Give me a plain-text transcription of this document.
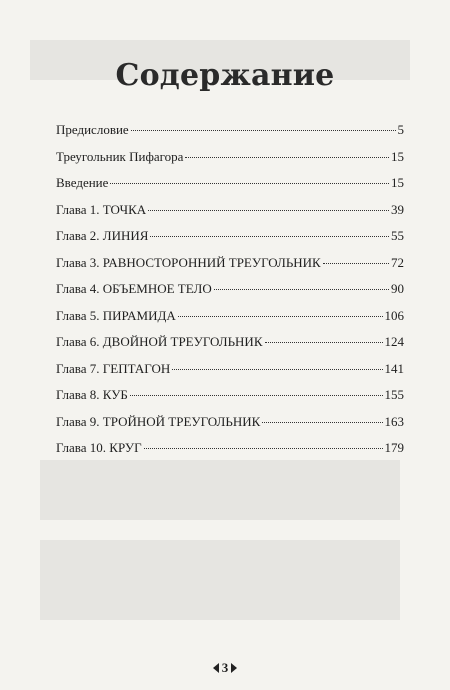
Содержание
Предисловие	5
Треугольник Пифагора	15
Введение	15
Глава 1. ТОЧКА	39
Глава 2. ЛИНИЯ	55
Глава 3. РАВНОСТОРОННИЙ ТРЕУГОЛЬНИК	72
Глава 4. ОБЪЕМНОЕ ТЕЛО	90
Глава 5. ПИРАМИДА	106
Глава 6. ДВОЙНОЙ ТРЕУГОЛЬНИК	124
Глава 7. ГЕПТАГОН	141
Глава 8. КУБ	155
Глава 9. ТРОЙНОЙ ТРЕУГОЛЬНИК	163
Глава 10. КРУГ	179
3
